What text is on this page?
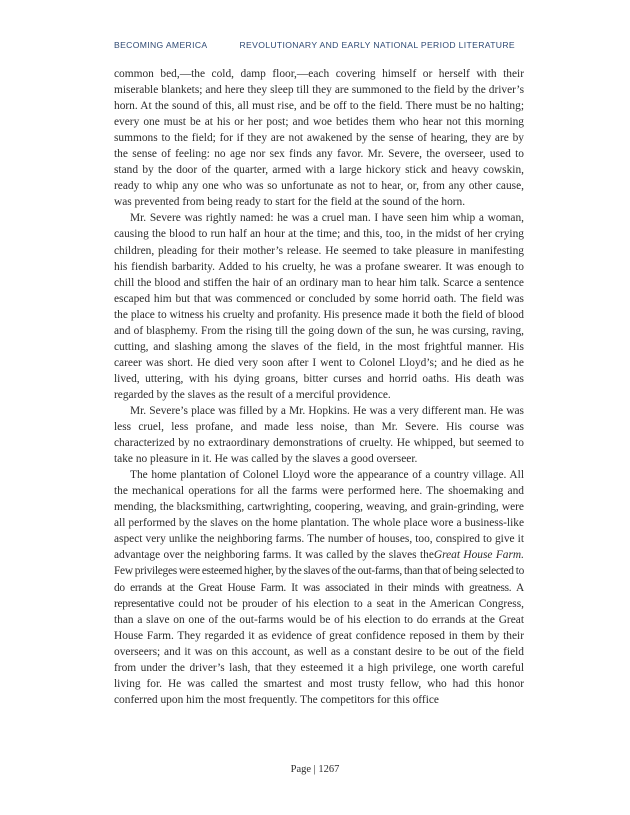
BECOMING AMERICA	REVOLUTIONARY AND EARLY NATIONAL PERIOD LITERATURE

common bed,—the cold, damp floor,—each covering himself or herself with their miserable blankets; and here they sleep till they are summoned to the field by the driver’s horn. At the sound of this, all must rise, and be off to the field. There must be no halting; every one must be at his or her post; and woe betides them who hear not this morning summons to the field; for if they are not awakened by the sense of hearing, they are by the sense of feeling: no age nor sex finds any favor. Mr. Severe, the overseer, used to stand by the door of the quarter, armed with a large hickory stick and heavy cowskin, ready to whip any one who was so unfortunate as not to hear, or, from any other cause, was prevented from being ready to start for the field at the sound of the horn.

Mr. Severe was rightly named: he was a cruel man. I have seen him whip a woman, causing the blood to run half an hour at the time; and this, too, in the midst of her crying children, pleading for their mother’s release. He seemed to take pleasure in manifesting his fiendish barbarity. Added to his cruelty, he was a profane swearer. It was enough to chill the blood and stiffen the hair of an ordinary man to hear him talk. Scarce a sentence escaped him but that was commenced or concluded by some horrid oath. The field was the place to witness his cruelty and profanity. His presence made it both the field of blood and of blasphemy. From the rising till the going down of the sun, he was cursing, raving, cutting, and slashing among the slaves of the field, in the most frightful manner. His career was short. He died very soon after I went to Colonel Lloyd’s; and he died as he lived, uttering, with his dying groans, bitter curses and horrid oaths. His death was regarded by the slaves as the result of a merciful providence.

Mr. Severe’s place was filled by a Mr. Hopkins. He was a very different man. He was less cruel, less profane, and made less noise, than Mr. Severe. His course was characterized by no extraordinary demonstrations of cruelty. He whipped, but seemed to take no pleasure in it. He was called by the slaves a good overseer.

The home plantation of Colonel Lloyd wore the appearance of a country village. All the mechanical operations for all the farms were performed here. The shoemaking and mending, the blacksmithing, cartwrighting, coopering, weaving, and grain-grinding, were all performed by the slaves on the home plantation. The whole place wore a business-like aspect very unlike the neighboring farms. The number of houses, too, conspired to give it advantage over the neighboring farms. It was called by the slaves theGreat House Farm. Few privileges were esteemed higher, by the slaves of the out-farms, than that of being selected to do errands at the Great House Farm. It was associated in their minds with greatness. A representative could not be prouder of his election to a seat in the American Congress, than a slave on one of the out-farms would be of his election to do errands at the Great House Farm. They regarded it as evidence of great confidence reposed in them by their overseers; and it was on this account, as well as a constant desire to be out of the field from under the driver’s lash, that they esteemed it a high privilege, one worth careful living for. He was called the smartest and most trusty fellow, who had this honor conferred upon him the most frequently. The competitors for this office

Page | 1267
